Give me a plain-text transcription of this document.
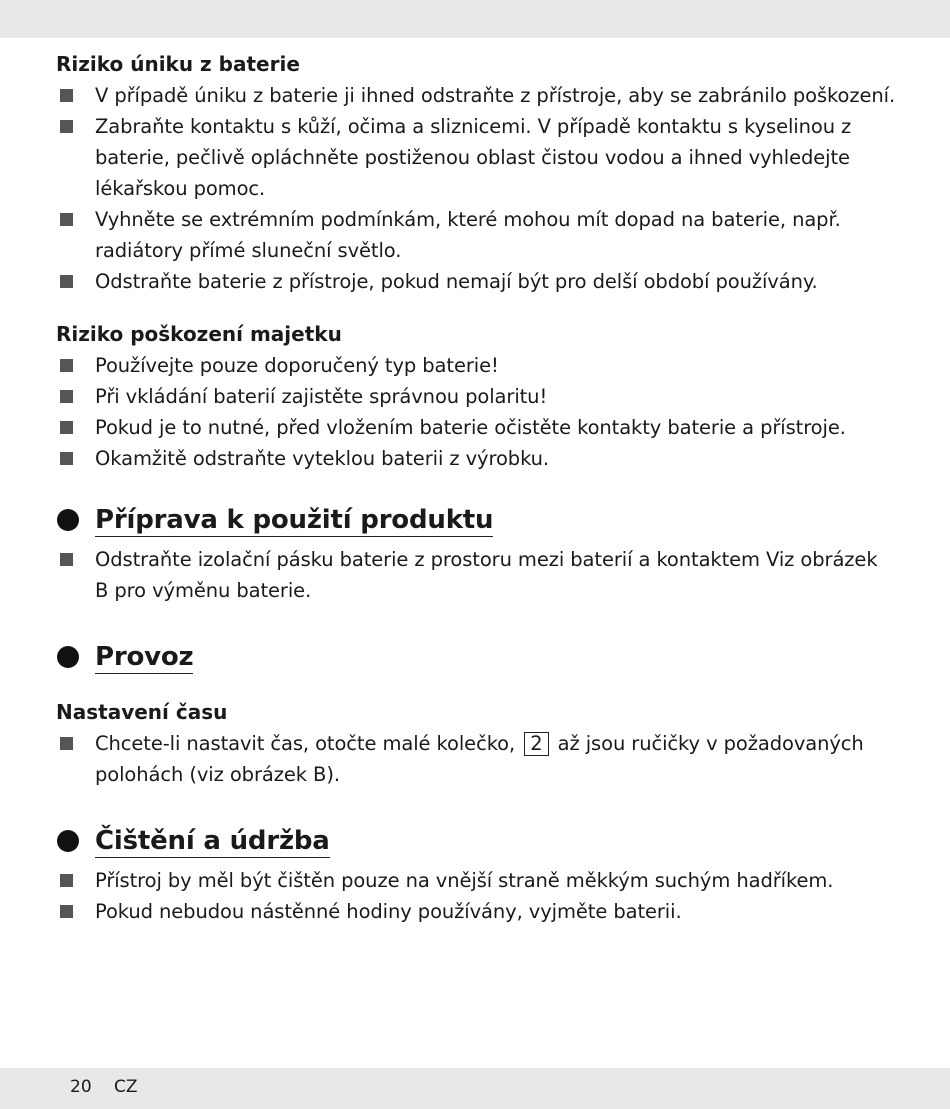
Riziko úniku z baterie

V případě úniku z baterie ji ihned odstraňte z přístroje, aby se zabránilo poškození.
Zabraňte kontaktu s kůží, očima a sliznicemi. V případě kontaktu s kyselinou z baterie, pečlivě opláchněte postiženou oblast čistou vodou a ihned vyhledejte lékařskou pomoc.
Vyhněte se extrémním podmínkám, které mohou mít dopad na baterie, např. radiátory přímé sluneční světlo.
Odstraňte baterie z přístroje, pokud nemají být pro delší období používány.

Riziko poškození majetku

Používejte pouze doporučený typ baterie!
Při vkládání baterií zajistěte správnou polaritu!
Pokud je to nutné, před vložením baterie očistěte kontakty baterie a přístroje.
Okamžitě odstraňte vyteklou baterii z výrobku.
Příprava k použití produktu
Odstraňte izolační pásku baterie z prostoru mezi baterií a kontaktem Viz obrázek B pro výměnu baterie.
Provoz

Nastavení času

Chcete-li nastavit čas, otočte malé kolečko, 2 až jsou ručičky v požadovaných polohách (viz obrázek B).
Čištění a údržba
Přístroj by měl být čištěn pouze na vnější straně měkkým suchým hadříkem.
Pokud nebudou nástěnné hodiny používány, vyjměte baterii.
20 CZ
